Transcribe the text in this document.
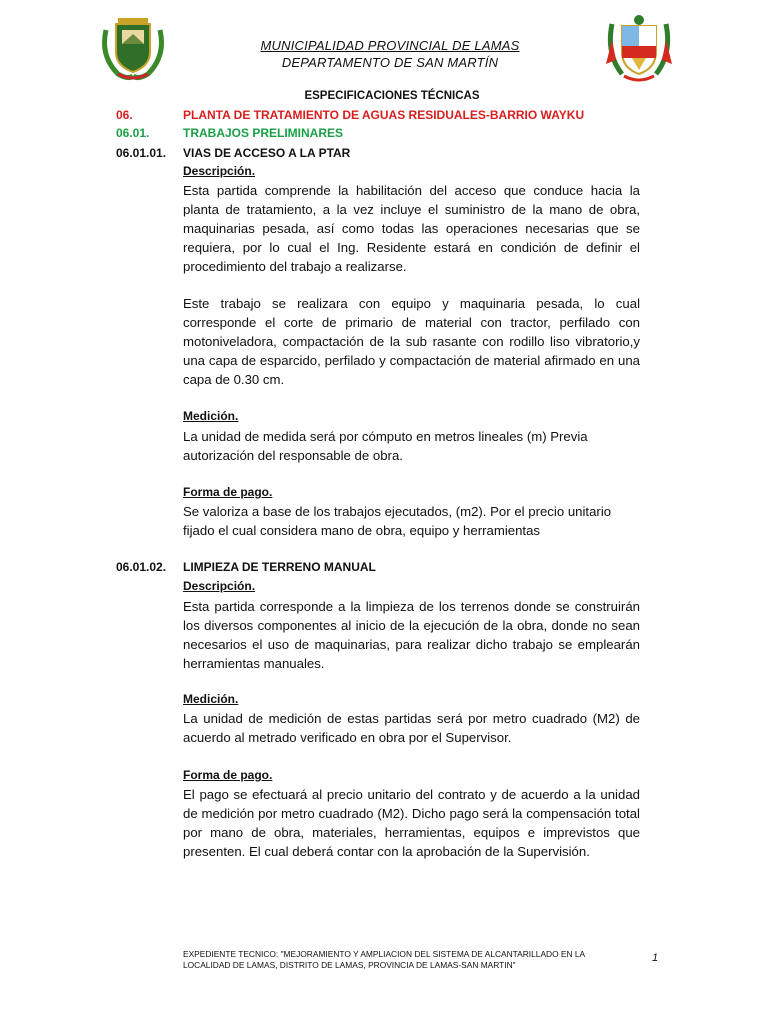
MUNICIPALIDAD PROVINCIAL DE LAMAS
DEPARTAMENTO DE SAN MARTÍN
ESPECIFICACIONES TÉCNICAS
06.	PLANTA DE TRATAMIENTO DE AGUAS RESIDUALES-BARRIO WAYKU
06.01.	TRABAJOS PRELIMINARES
06.01.01. VIAS DE ACCESO A LA PTAR
Descripción.

Esta partida comprende la habilitación del acceso que conduce hacia la planta de tratamiento, a la vez incluye el suministro de la mano de obra, maquinarias pesada, así como todas las operaciones necesarias que se requiera, por lo cual el Ing. Residente estará en condición de definir el procedimiento del trabajo a realizarse.

Este trabajo se realizara con equipo y maquinaria pesada, lo cual corresponde el corte de primario de material con tractor, perfilado con motoniveladora, compactación de la sub rasante con rodillo liso vibratorio,y una capa de esparcido, perfilado y compactación de material afirmado en una capa de 0.30 cm.

Medición.

La unidad de medida será por cómputo en metros lineales (m) Previa autorización del responsable de obra.

Forma de pago.

Se valoriza a base de los trabajos ejecutados, (m2). Por el precio unitario fijado el cual considera mano de obra, equipo y herramientas

06.01.02. LIMPIEZA DE TERRENO MANUAL
Descripción.

Esta partida corresponde a la limpieza de los terrenos donde se construirán los diversos componentes al inicio de la ejecución de la obra, donde no sean necesarios el uso de maquinarias, para realizar dicho trabajo se emplearán herramientas manuales.

Medición.

La unidad de medición de estas partidas será por metro cuadrado (M2) de acuerdo al metrado verificado en obra por el Supervisor.

Forma de pago.

El pago se efectuará al precio unitario del contrato y de acuerdo a la unidad de medición por metro cuadrado (M2). Dicho pago será la compensación total por mano de obra, materiales, herramientas, equipos e imprevistos que presenten. El cual deberá contar con la aprobación de la Supervisión.

EXPEDIENTE TECNICO: "MEJORAMIENTO Y AMPLIACION DEL SISTEMA DE ALCANTARILLADO EN LA LOCALIDAD DE LAMAS, DISTRITO DE LAMAS, PROVINCIA DE LAMAS-SAN MARTIN"
1
